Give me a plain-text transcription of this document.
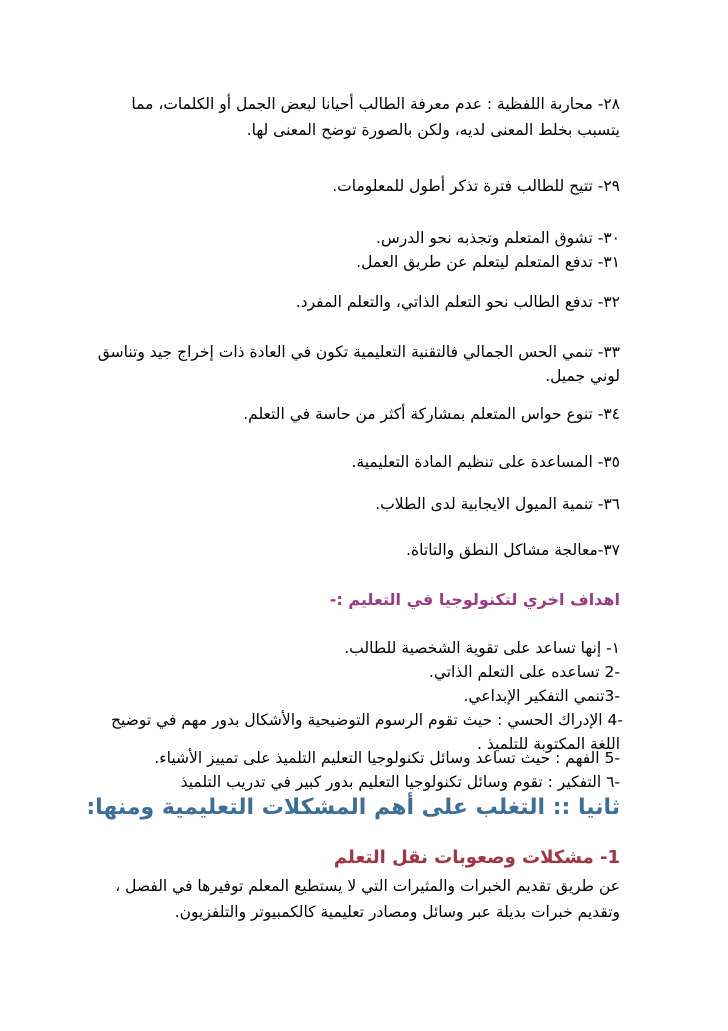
٢٨- محاربة اللفظية : عدم معرفة الطالب أحيانا لبعض الجمل أو الكلمات، مما
يتسبب بخلط المعنى لديه، ولكن بالصورة توضح المعنى لها.
٢٩- تتيح للطالب فترة تذكر أطول للمعلومات.
٣٠- تشوق المتعلم وتجذبه نحو الدرس.
٣١- تدفع المتعلم ليتعلم عن طريق العمل.
٣٢- تدفع الطالب نحو التعلم الذاتي، والتعلم المفرد.
٣٣- تنمي الحس الجمالي فالتقنية التعليمية تكون في العادة ذات إخراج جيد وتناسق
لوني جميل.
٣٤- تنوع حواس المتعلم بمشاركة أكثر من حاسة في التعلم.
٣٥- المساعدة على تنظيم المادة التعليمية.
٣٦- تنمية الميول الايجابية لدى الطلاب.
٣٧-معالجة مشاكل النطق والتاتاة.
اهداف اخري لتكنولوجيا في التعليم :-
١- إنها تساعد على تقوية الشخصية للطالب.
-2 تساعده على التعلم الذاتي.
-3تنمي التفكير الإبداعي.
-4 الإدراك الحسي : حيث تقوم الرسوم التوضيحية والأشكال بدور مهم في توضيح
اللغة المكتوبة للتلميذ .
-5 الفهم : حيث تساعد وسائل تكنولوجيا التعليم التلميذ على تمييز الأشياء.
-٦ التفكير : تقوم وسائل تكنولوجيا التعليم بدور كبير في تدريب التلميذ
ثانيا :: التغلب على أهم المشكلات التعليمية ومنها:
1- مشكلات وصعوبات نقل التعلم
عن طريق تقديم الخبرات والمثيرات التي لا يستطيع المعلم توفيرها في الفصل ،
وتقديم خبرات بديلة عبر وسائل ومصادر تعليمية كالكمبيوتر والتلفزيون.
